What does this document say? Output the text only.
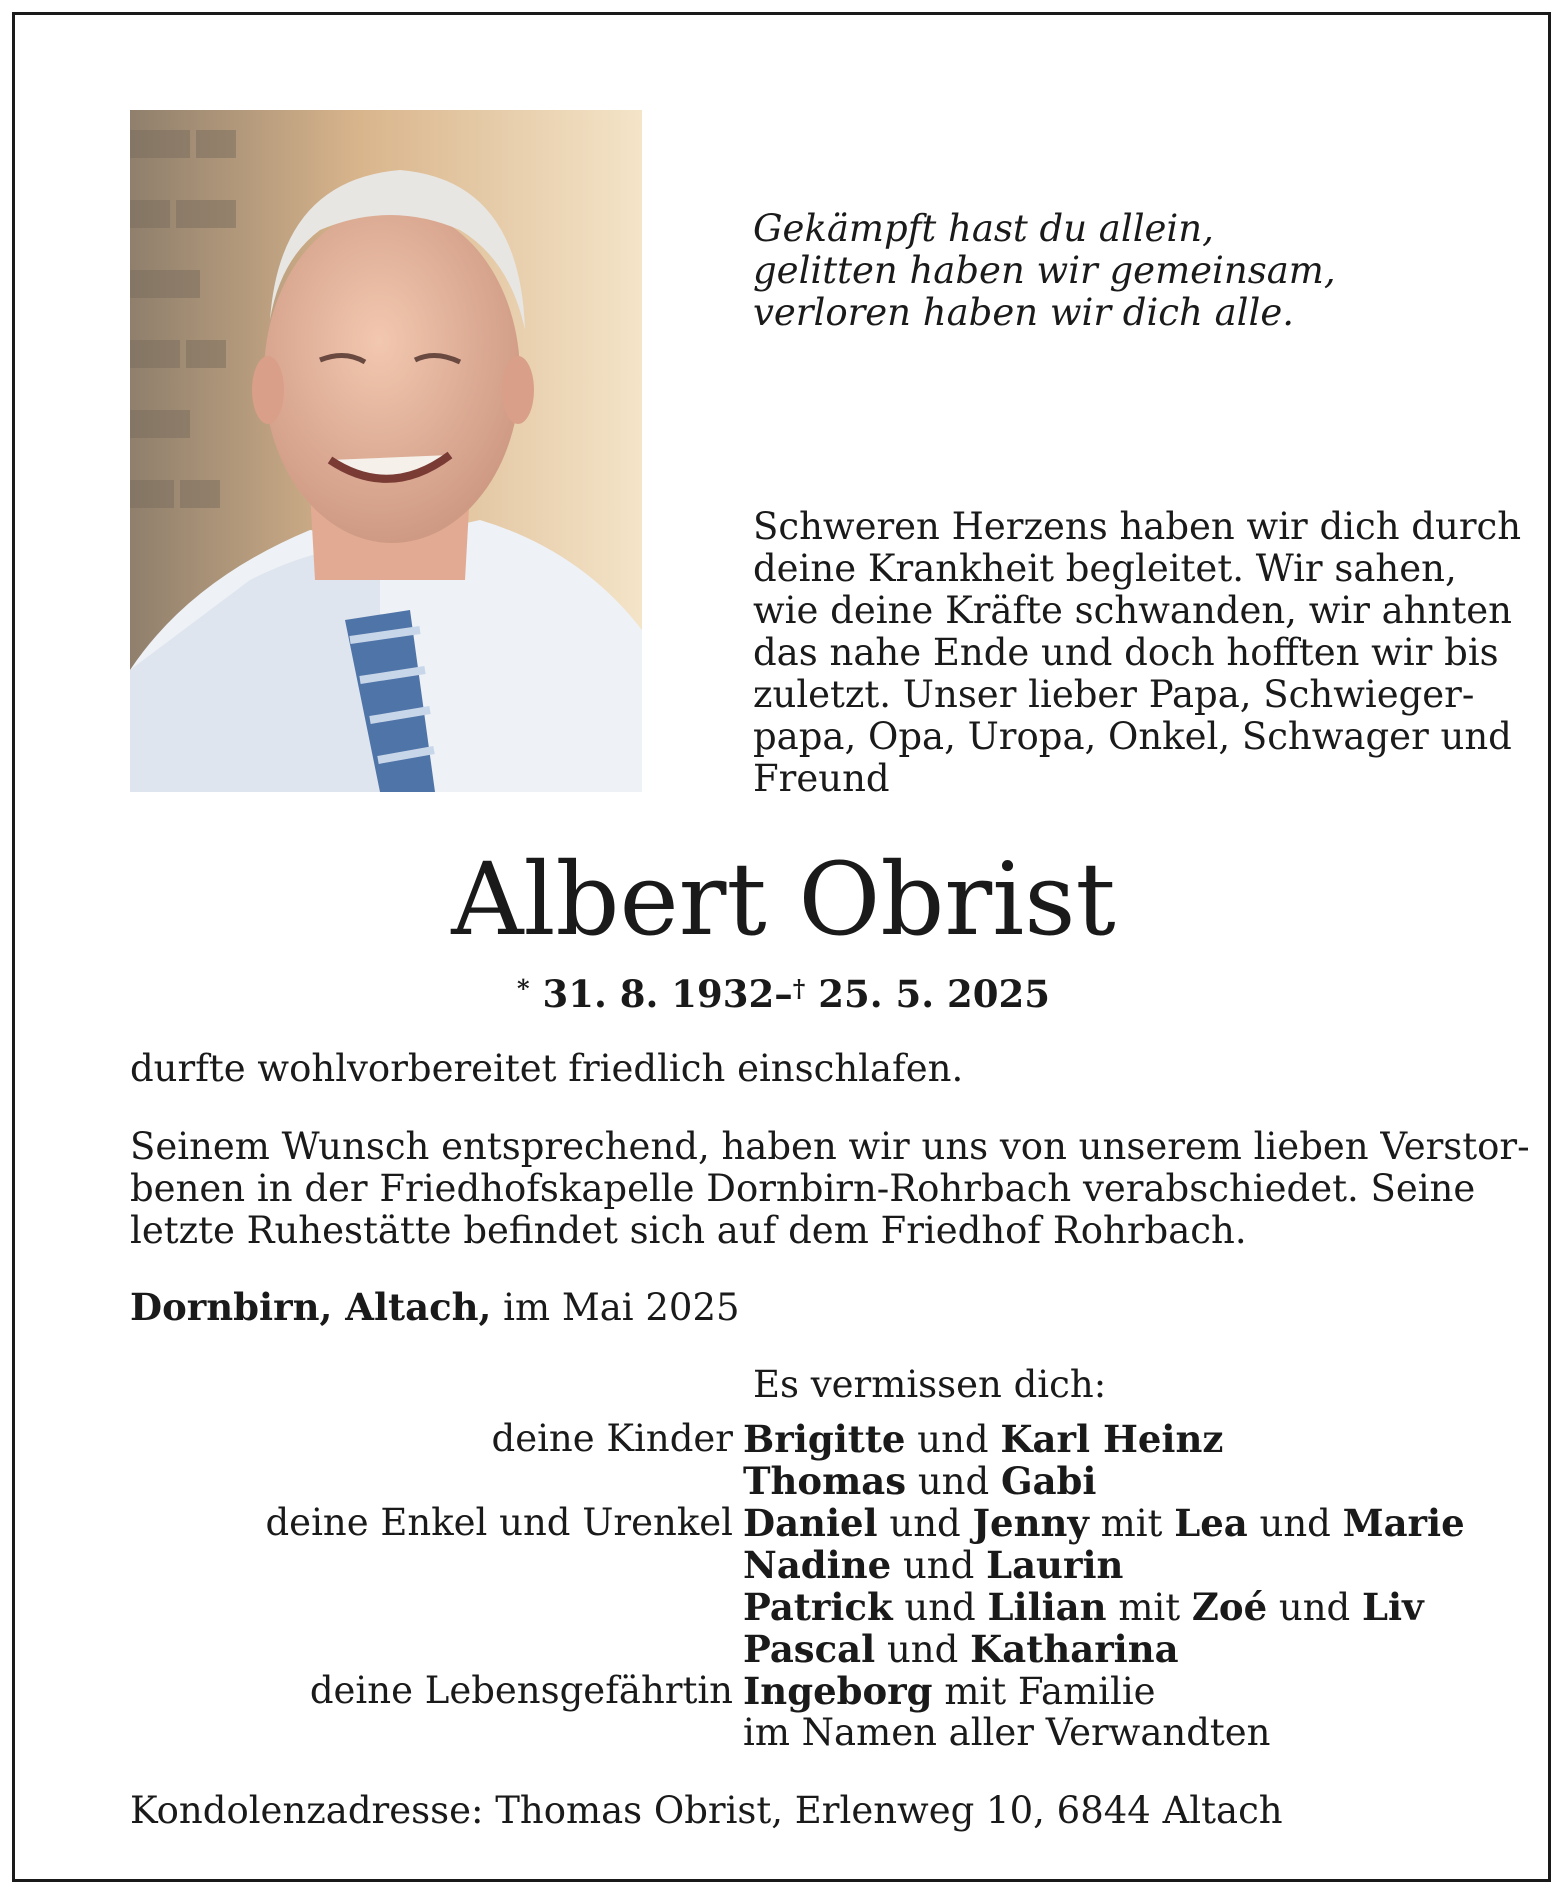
Gekämpft hast du allein,
gelitten haben wir gemeinsam,
verloren haben wir dich alle.
Schweren Herzens haben wir dich durch
deine Krankheit begleitet. Wir sahen,
wie deine Kräfte schwanden, wir ahnten
das nahe Ende und doch hofften wir bis
zuletzt. Unser lieber Papa, Schwieger-
papa, Opa, Uropa, Onkel, Schwager und
Freund
Albert Obrist
* 31. 8. 1932–† 25. 5. 2025
durfte wohlvorbereitet friedlich einschlafen.
Seinem Wunsch entsprechend, haben wir uns von unserem lieben Verstor-
benen in der Friedhofskapelle Dornbirn-Rohrbach verabschiedet. Seine
letzte Ruhestätte befindet sich auf dem Friedhof Rohrbach.
Dornbirn, Altach, im Mai 2025
Es vermissen dich:
deine Kinder Brigitte und Karl Heinz
Thomas und Gabi
deine Enkel und Urenkel Daniel und Jenny mit Lea und Marie
Nadine und Laurin
Patrick und Lilian mit Zoé und Liv
Pascal und Katharina
deine Lebensgefährtin Ingeborg mit Familie
im Namen aller Verwandten
Kondolenzadresse: Thomas Obrist, Erlenweg 10, 6844 Altach
